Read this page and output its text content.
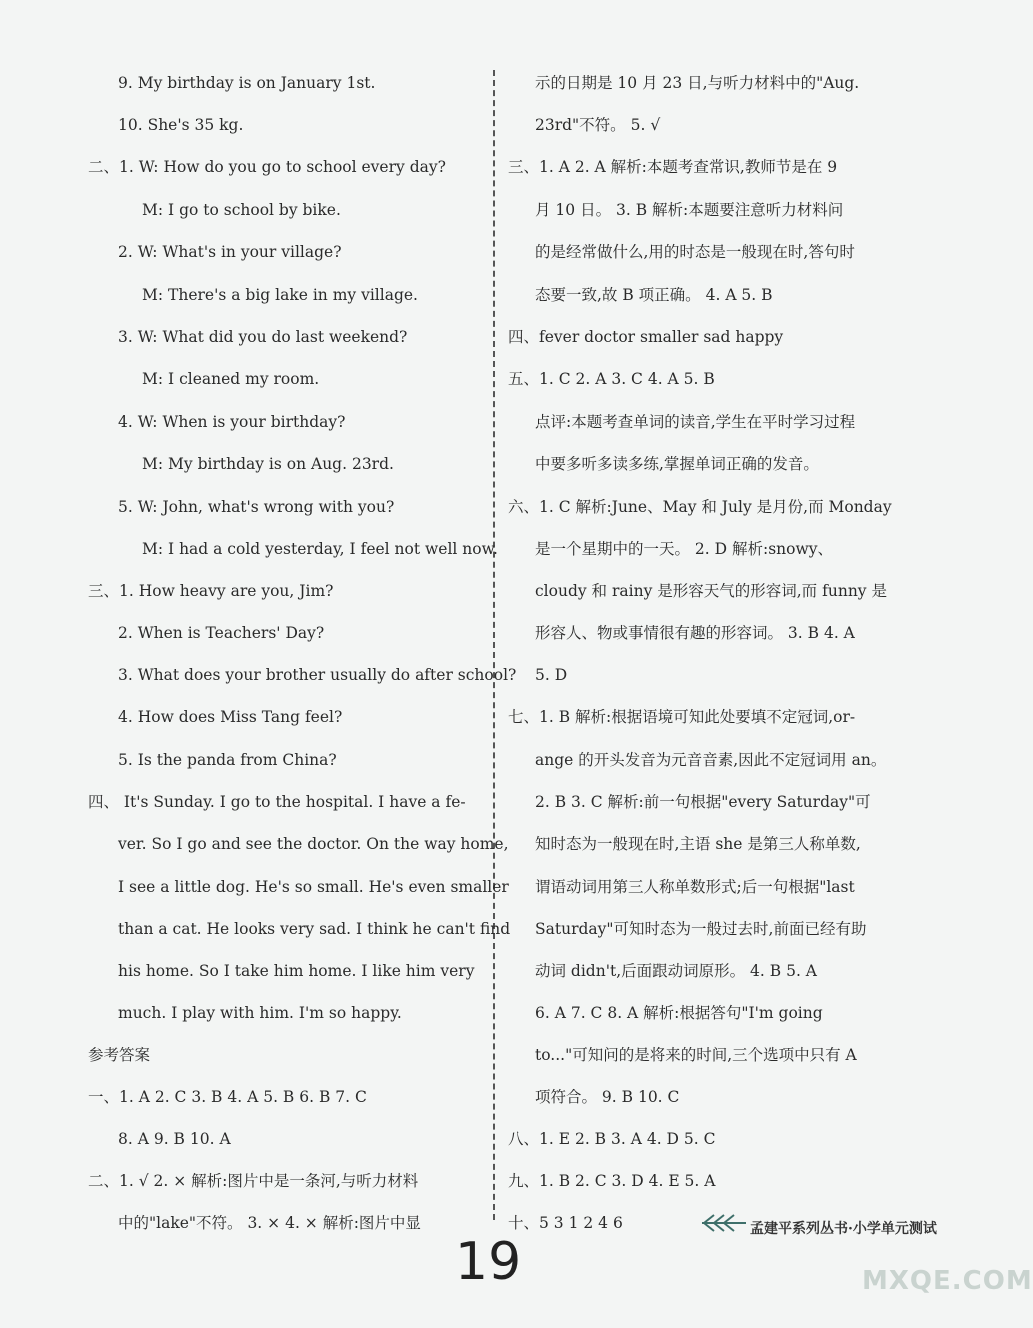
9. My birthday is on January 1st.
10. She's 35 kg.
二、1. W: How do you go to school every day?
M: I go to school by bike.
2. W: What's in your village?
M: There's a big lake in my village.
3. W: What did you do last weekend?
M: I cleaned my room.
4. W: When is your birthday?
M: My birthday is on Aug. 23rd.
5. W: John, what's wrong with you?
M: I had a cold yesterday, I feel not well now.
三、1. How heavy are you, Jim?
2. When is Teachers' Day?
3. What does your brother usually do after school?
4. How does Miss Tang feel?
5. Is the panda from China?
四、 It's Sunday. I go to the hospital. I have a fe-
ver. So I go and see the doctor. On the way home,
I see a little dog. He's so small. He's even smaller
than a cat. He looks very sad. I think he can't find
his home. So I take him home. I like him very
much. I play with him. I'm so happy.
参考答案
一、1. A 2. C 3. B 4. A 5. B 6. B 7. C
8. A 9. B 10. A
二、1. √ 2. × 解析:图片中是一条河,与听力材料
中的"lake"不符。 3. × 4. × 解析:图片中显
示的日期是 10 月 23 日,与听力材料中的"Aug.
23rd"不符。 5. √
三、1. A 2. A 解析:本题考查常识,教师节是在 9
月 10 日。 3. B 解析:本题要注意听力材料问
的是经常做什么,用的时态是一般现在时,答句时
态要一致,故 B 项正确。 4. A 5. B
四、fever doctor smaller sad happy
五、1. C 2. A 3. C 4. A 5. B
点评:本题考查单词的读音,学生在平时学习过程
中要多听多读多练,掌握单词正确的发音。
六、1. C 解析:June、May 和 July 是月份,而 Monday
是一个星期中的一天。 2. D 解析:snowy、
cloudy 和 rainy 是形容天气的形容词,而 funny 是
形容人、物或事情很有趣的形容词。 3. B 4. A
5. D
七、1. B 解析:根据语境可知此处要填不定冠词,or-
ange 的开头发音为元音音素,因此不定冠词用 an。
2. B 3. C 解析:前一句根据"every Saturday"可
知时态为一般现在时,主语 she 是第三人称单数,
谓语动词用第三人称单数形式;后一句根据"last
Saturday"可知时态为一般过去时,前面已经有助
动词 didn't,后面跟动词原形。 4. B 5. A
6. A 7. C 8. A 解析:根据答句"I'm going
to..."可知问的是将来的时间,三个选项中只有 A
项符合。 9. B 10. C
八、1. E 2. B 3. A 4. D 5. C
九、1. B 2. C 3. D 4. E 5. A
十、5 3 1 2 4 6	孟建平系列丛书·小学单元测试
19	MXQE.COM
